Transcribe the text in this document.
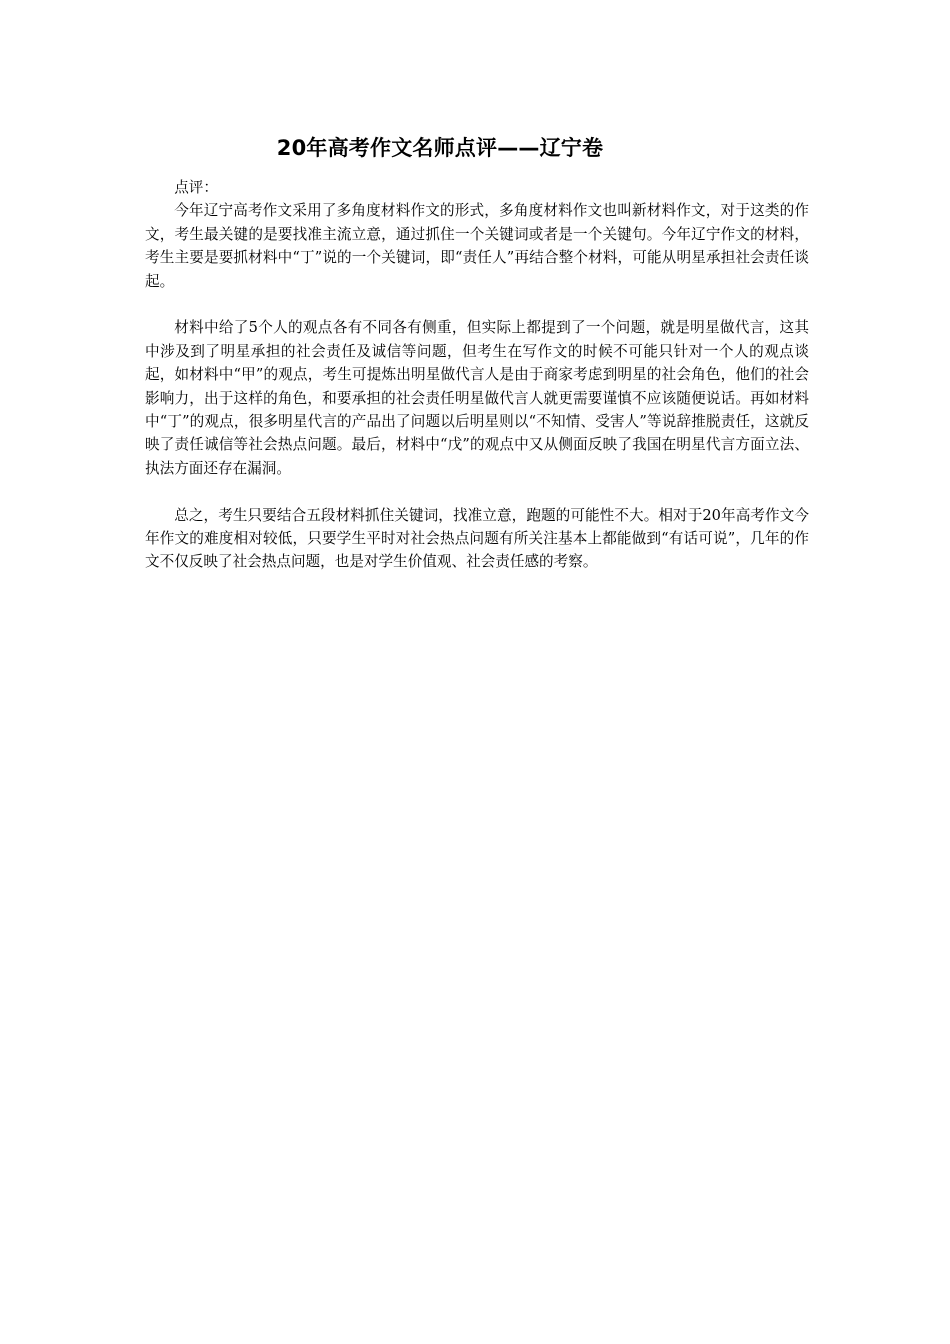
20年高考作文名师点评——辽宁卷

点评：

今年辽宁高考作文采用了多角度材料作文的形式，多角度材料作文也叫新材料作文，对于这类的作文，考生最关键的是要找准主流立意，通过抓住一个关键词或者是一个关键句。今年辽宁作文的材料，考生主要是要抓材料中“丁”说的一个关键词，即“责任人”再结合整个材料，可能从明星承担社会责任谈起。

材料中给了5个人的观点各有不同各有侧重，但实际上都提到了一个问题，就是明星做代言，这其中涉及到了明星承担的社会责任及诚信等问题，但考生在写作文的时候不可能只针对一个人的观点谈起，如材料中“甲”的观点，考生可提炼出明星做代言人是由于商家考虑到明星的社会角色，他们的社会影响力，出于这样的角色，和要承担的社会责任明星做代言人就更需要谨慎不应该随便说话。再如材料中“丁”的观点，很多明星代言的产品出了问题以后明星则以“不知情、受害人”等说辞推脱责任，这就反映了责任诚信等社会热点问题。最后，材料中“戊”的观点中又从侧面反映了我国在明星代言方面立法、执法方面还存在漏洞。

总之，考生只要结合五段材料抓住关键词，找准立意，跑题的可能性不大。相对于20年高考作文今年作文的难度相对较低，只要学生平时对社会热点问题有所关注基本上都能做到“有话可说”，几年的作文不仅反映了社会热点问题，也是对学生价值观、社会责任感的考察。
